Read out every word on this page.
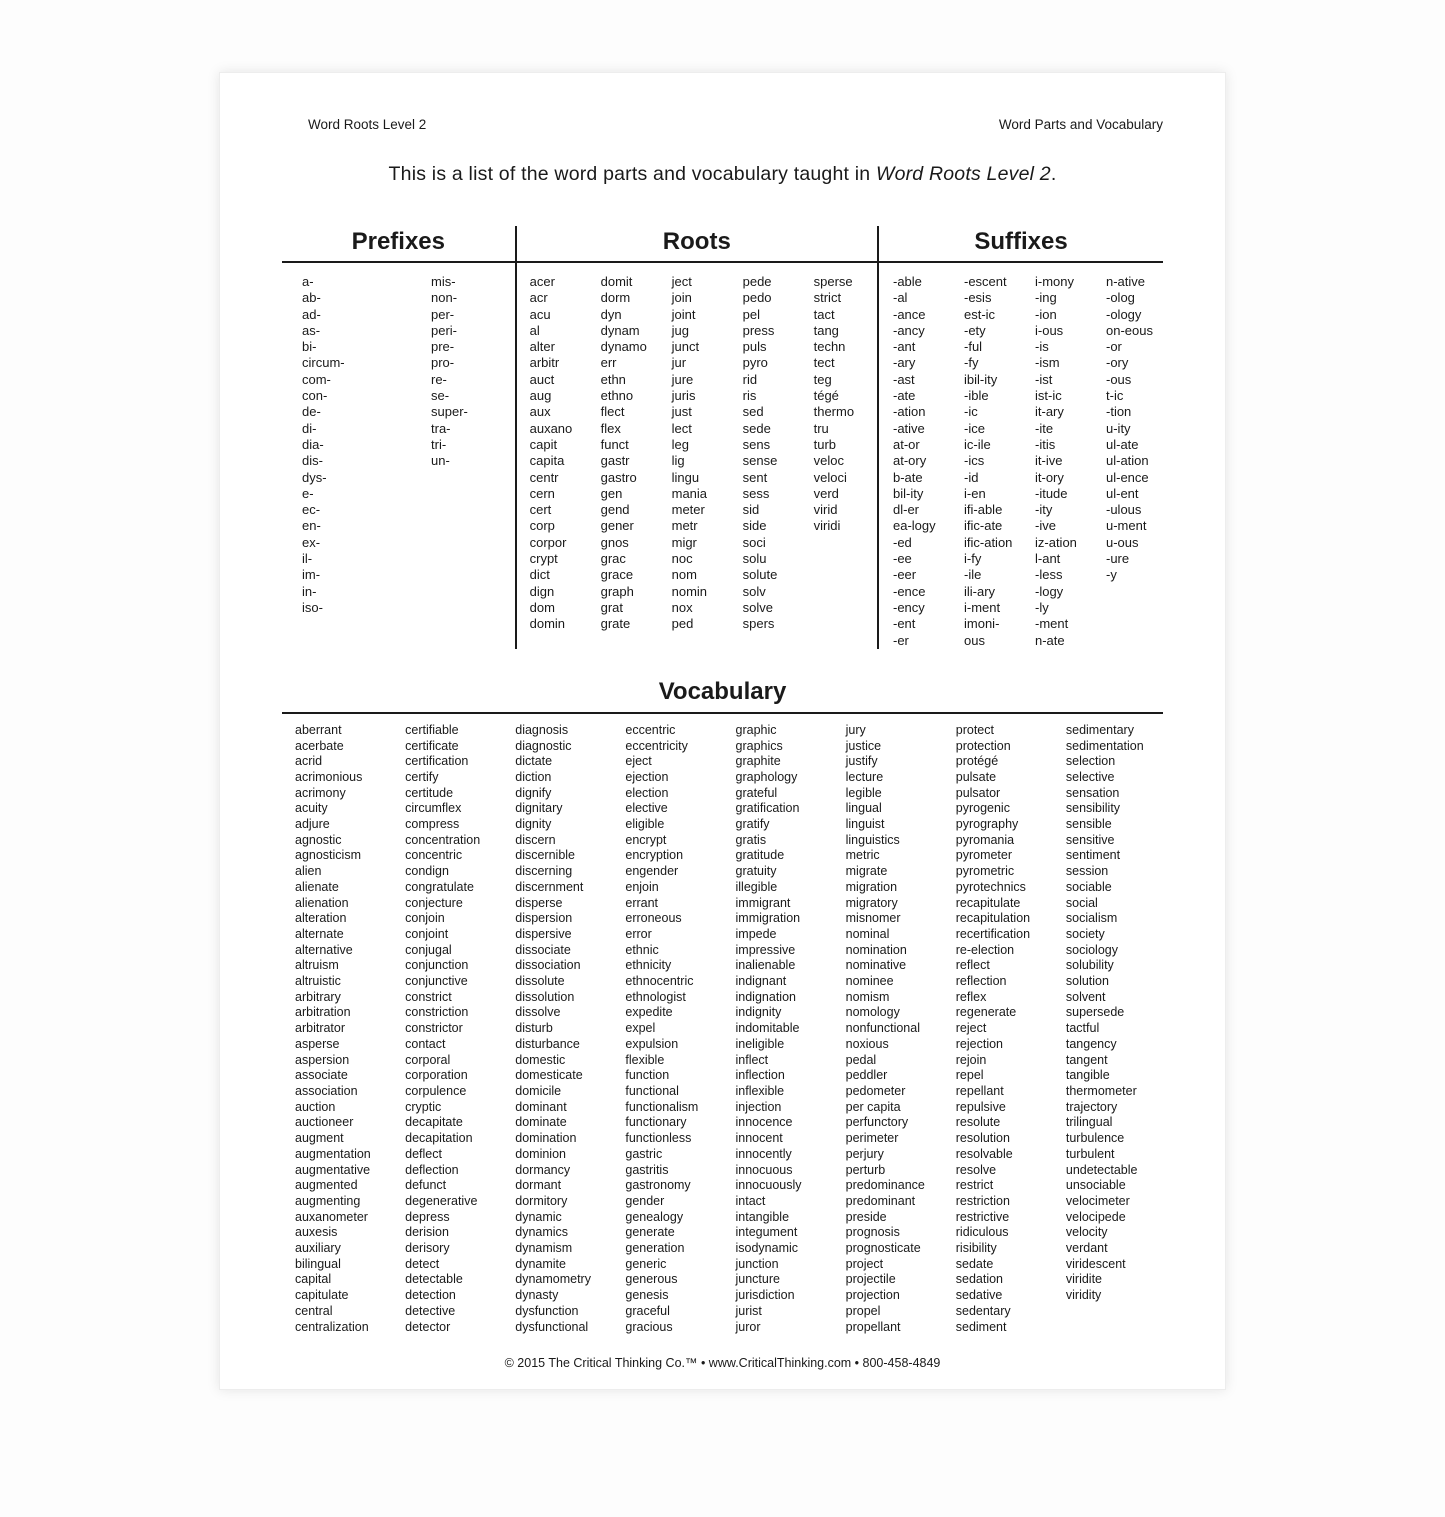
Word Roots Level 2	Word Parts and Vocabulary
This is a list of the word parts and vocabulary taught in Word Roots Level 2.
Prefixes
a-
ab-
ad-
as-
bi-
circum-
com-
con-
de-
di-
dia-
dis-
dys-
e-
ec-
en-
ex-
il-
im-
in-
iso-
mis-
non-
per-
peri-
pre-
pro-
re-
se-
super-
tra-
tri-
un-
Roots
acer
acr
acu
al
alter
arbitr
auct
aug
aux
auxano
capit
capita
centr
cern
cert
corp
corpor
crypt
dict
dign
dom
domin
domit
dorm
dyn
dynam
dynamo
err
ethn
ethno
flect
flex
funct
gastr
gastro
gen
gend
gener
gnos
grac
grace
graph
grat
grate
ject
join
joint
jug
junct
jur
jure
juris
just
lect
leg
lig
lingu
mania
meter
metr
migr
noc
nom
nomin
nox
ped
pede
pedo
pel
press
puls
pyro
rid
ris
sed
sede
sens
sense
sent
sess
sid
side
soci
solu
solute
solv
solve
spers
sperse
strict
tact
tang
techn
tect
teg
tégé
thermo
tru
turb
veloc
veloci
verd
virid
viridi
Suffixes
-able
-al
-ance
-ancy
-ant
-ary
-ast
-ate
-ation
-ative
at-or
at-ory
b-ate
bil-ity
dl-er
ea-logy
-ed
-ee
-eer
-ence
-ency
-ent
-er
-escent
-esis
est-ic
-ety
-ful
-fy
ibil-ity
-ible
-ic
-ice
ic-ile
-ics
-id
i-en
ifi-able
ific-ate
ific-ation
i-fy
-ile
ili-ary
i-ment
imoni-
ous
i-mony
-ing
-ion
i-ous
-is
-ism
-ist
ist-ic
it-ary
-ite
-itis
it-ive
it-ory
-itude
-ity
-ive
iz-ation
l-ant
-less
-logy
-ly
-ment
n-ate
n-ative
-olog
-ology
on-eous
-or
-ory
-ous
t-ic
-tion
u-ity
ul-ate
ul-ation
ul-ence
ul-ent
-ulous
u-ment
u-ous
-ure
-y
Vocabulary
aberrant
acerbate
acrid
acrimonious
acrimony
acuity
adjure
agnostic
agnosticism
alien
alienate
alienation
alteration
alternate
alternative
altruism
altruistic
arbitrary
arbitration
arbitrator
asperse
aspersion
associate
association
auction
auctioneer
augment
augmentation
augmentative
augmented
augmenting
auxanometer
auxesis
auxiliary
bilingual
capital
capitulate
central
centralization
certifiable
certificate
certification
certify
certitude
circumflex
compress
concentration
concentric
condign
congratulate
conjecture
conjoin
conjoint
conjugal
conjunction
conjunctive
constrict
constriction
constrictor
contact
corporal
corporation
corpulence
cryptic
decapitate
decapitation
deflect
deflection
defunct
degenerative
depress
derision
derisory
detect
detectable
detection
detective
detector
diagnosis
diagnostic
dictate
diction
dignify
dignitary
dignity
discern
discernible
discerning
discernment
disperse
dispersion
dispersive
dissociate
dissociation
dissolute
dissolution
dissolve
disturb
disturbance
domestic
domesticate
domicile
dominant
dominate
domination
dominion
dormancy
dormant
dormitory
dynamic
dynamics
dynamism
dynamite
dynamometry
dynasty
dysfunction
dysfunctional
eccentric
eccentricity
eject
ejection
election
elective
eligible
encrypt
encryption
engender
enjoin
errant
erroneous
error
ethnic
ethnicity
ethnocentric
ethnologist
expedite
expel
expulsion
flexible
function
functional
functionalism
functionary
functionless
gastric
gastritis
gastronomy
gender
genealogy
generate
generation
generic
generous
genesis
graceful
gracious
graphic
graphics
graphite
graphology
grateful
gratification
gratify
gratis
gratitude
gratuity
illegible
immigrant
immigration
impede
impressive
inalienable
indignant
indignation
indignity
indomitable
ineligible
inflect
inflection
inflexible
injection
innocence
innocent
innocently
innocuous
innocuously
intact
intangible
integument
isodynamic
junction
juncture
jurisdiction
jurist
juror
jury
justice
justify
lecture
legible
lingual
linguist
linguistics
metric
migrate
migration
migratory
misnomer
nominal
nomination
nominative
nominee
nomism
nomology
nonfunctional
noxious
pedal
peddler
pedometer
per capita
perfunctory
perimeter
perjury
perturb
predominance
predominant
preside
prognosis
prognosticate
project
projectile
projection
propel
propellant
protect
protection
protégé
pulsate
pulsator
pyrogenic
pyrography
pyromania
pyrometer
pyrometric
pyrotechnics
recapitulate
recapitulation
recertification
re-election
reflect
reflection
reflex
regenerate
reject
rejection
rejoin
repel
repellant
repulsive
resolute
resolution
resolvable
resolve
restrict
restriction
restrictive
ridiculous
risibility
sedate
sedation
sedative
sedentary
sediment
sedimentary
sedimentation
selection
selective
sensation
sensibility
sensible
sensitive
sentiment
session
sociable
social
socialism
society
sociology
solubility
solution
solvent
supersede
tactful
tangency
tangent
tangible
thermometer
trajectory
trilingual
turbulence
turbulent
undetectable
unsociable
velocimeter
velocipede
velocity
verdant
viridescent
viridite
viridity
© 2015 The Critical Thinking Co.™ • www.CriticalThinking.com • 800-458-4849
